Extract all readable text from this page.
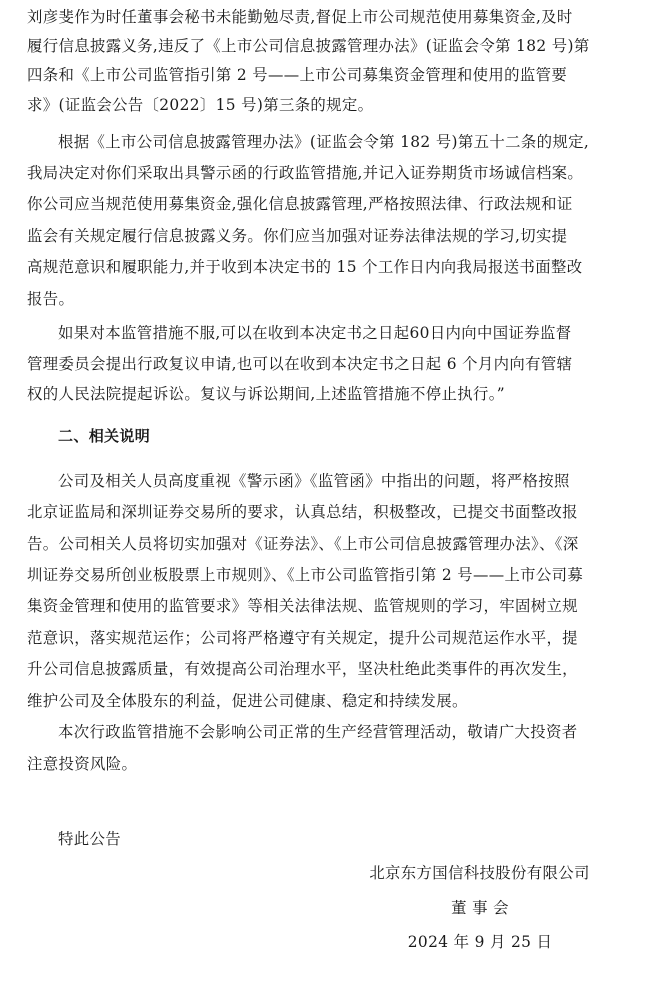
刘彦斐作为时任董事会秘书未能勤勉尽责,督促上市公司规范使用募集资金,及时
履行信息披露义务,违反了《上市公司信息披露管理办法》(证监会令第 182 号)第
四条和《上市公司监管指引第 2 号——上市公司募集资金管理和使用的监管要
求》(证监会公告〔2022〕15 号)第三条的规定。
根据《上市公司信息披露管理办法》(证监会令第 182 号)第五十二条的规定,
我局决定对你们采取出具警示函的行政监管措施,并记入证券期货市场诚信档案。
你公司应当规范使用募集资金,强化信息披露管理,严格按照法律、行政法规和证
监会有关规定履行信息披露义务。你们应当加强对证券法律法规的学习,切实提
高规范意识和履职能力,并于收到本决定书的 15 个工作日内向我局报送书面整改
报告。
如果对本监管措施不服,可以在收到本决定书之日起60日内向中国证券监督
管理委员会提出行政复议申请,也可以在收到本决定书之日起 6 个月内向有管辖
权的人民法院提起诉讼。复议与诉讼期间,上述监管措施不停止执行。”
二、相关说明
公司及相关人员高度重视《警示函》《监管函》中指出的问题，将严格按照
北京证监局和深圳证券交易所的要求，认真总结，积极整改，已提交书面整改报
告。公司相关人员将切实加强对《证券法》、《上市公司信息披露管理办法》、《深
圳证券交易所创业板股票上市规则》、《上市公司监管指引第 2 号——上市公司募
集资金管理和使用的监管要求》等相关法律法规、监管规则的学习，牢固树立规
范意识，落实规范运作；公司将严格遵守有关规定，提升公司规范运作水平，提
升公司信息披露质量，有效提高公司治理水平，坚决杜绝此类事件的再次发生，
维护公司及全体股东的利益，促进公司健康、稳定和持续发展。
本次行政监管措施不会影响公司正常的生产经营管理活动，敬请广大投资者
注意投资风险。
特此公告
北京东方国信科技股份有限公司
董 事 会
2024 年 9 月 25 日
